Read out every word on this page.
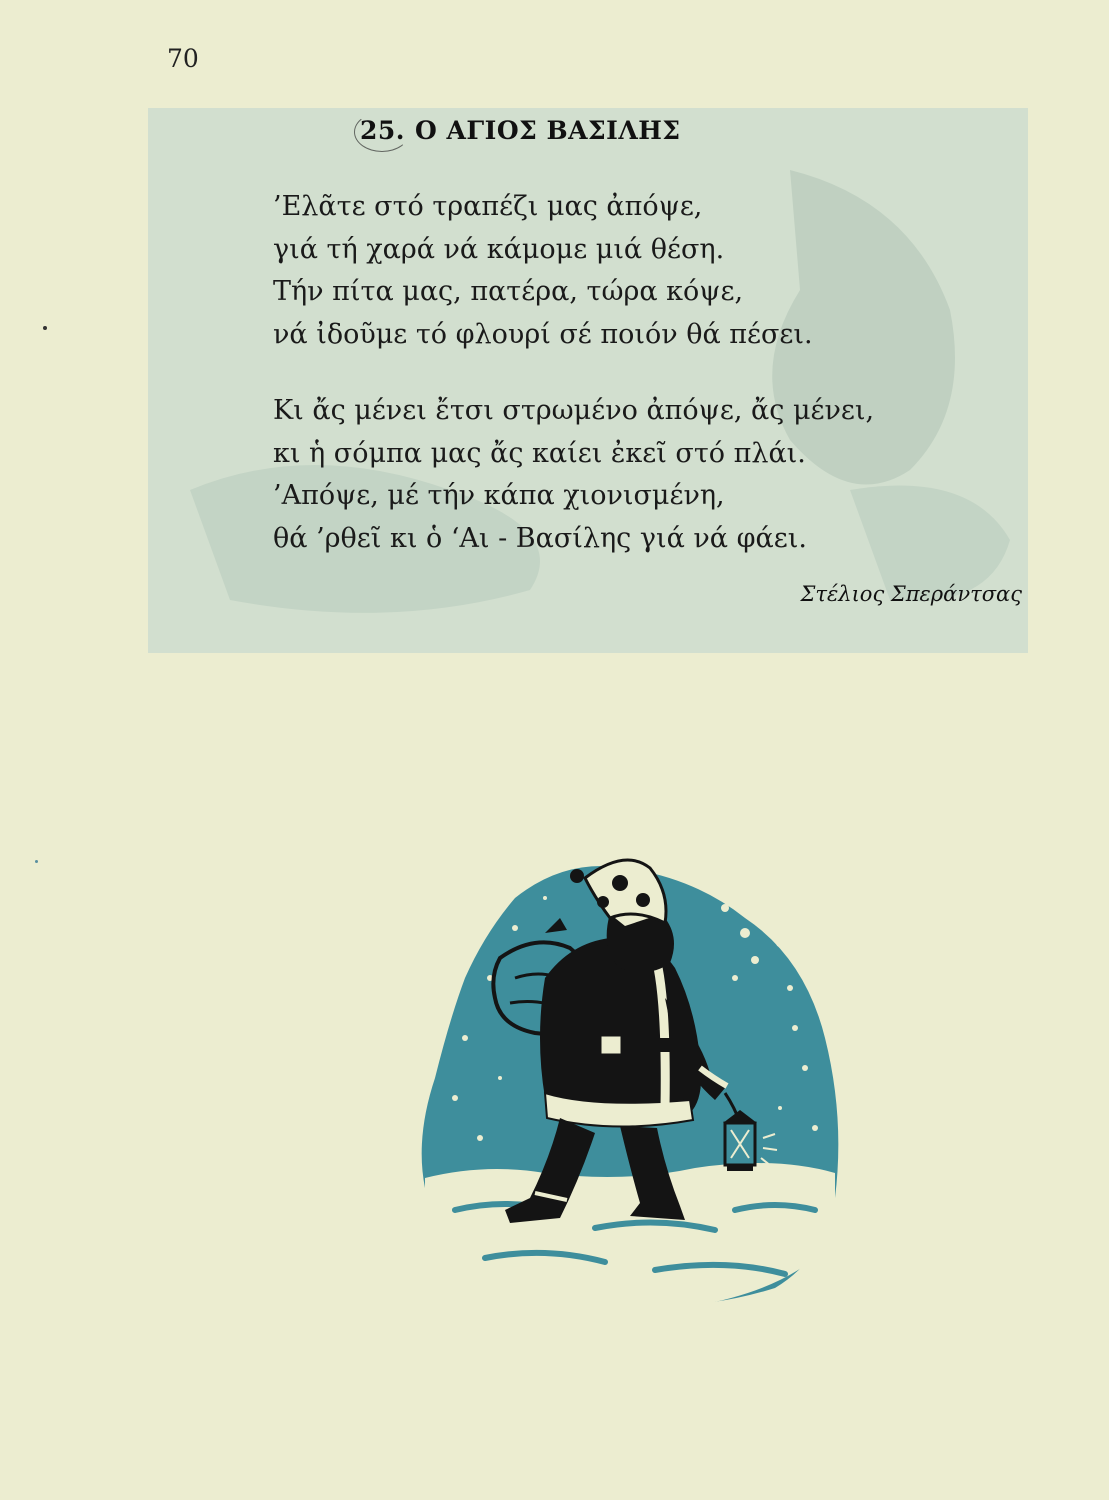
70
25. Ο ΑΓΙΟΣ ΒΑΣΙΛΗΣ
’Ελᾶτε στό τραπέζι μας ἀπόψε,
γιά τή χαρά νά κάμομε μιά θέση.
Τήν πίτα μας, πατέρα, τώρα κόψε,
νά ἰδοῦμε τό φλουρί σέ ποιόν θά πέσει.
Κι ἄς μένει ἔτσι στρωμένο ἀπόψε, ἄς μένει,
κι ἡ σόμπα μας ἄς καίει ἐκεῖ στό πλάι.
’Απόψε, μέ τήν κάπα χιονισμένη,
θά ’ρθεῖ κι ὁ ‘Αι - Βασίλης γιά νά φάει.
Στέλιος Σπεράντσας
